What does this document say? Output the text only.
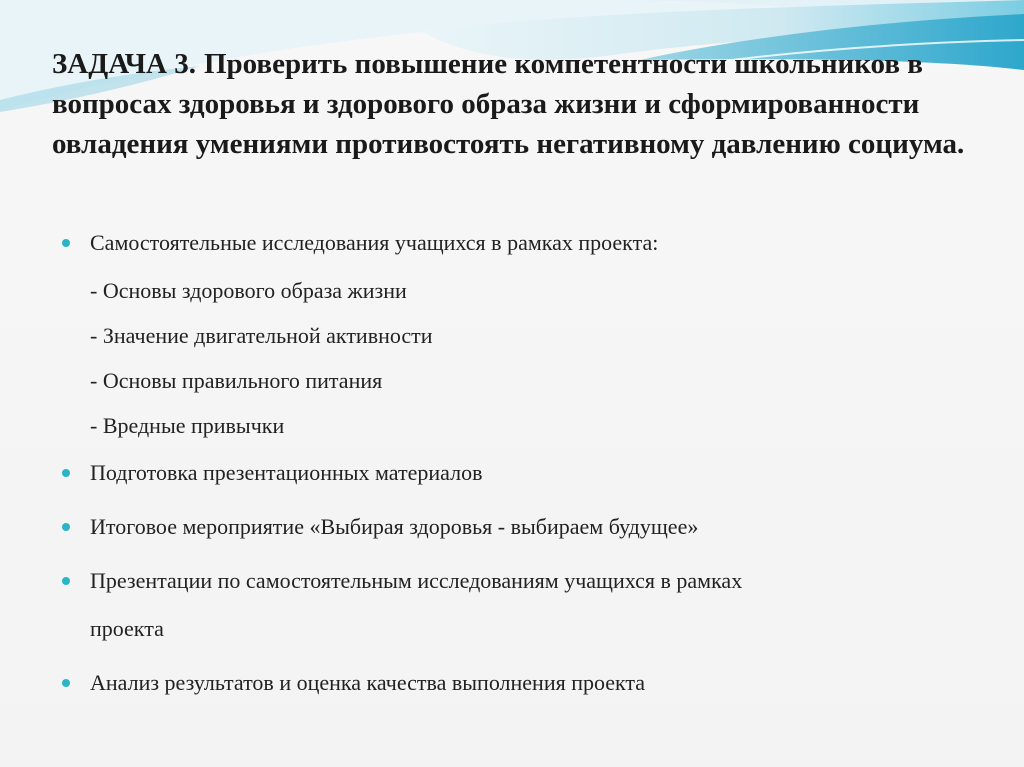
ЗАДАЧА 3. Проверить повышение компетентности школьников в вопросах здоровья и здорового образа жизни и сформированности овладения умениями противостоять негативному давлению социума.
Самостоятельные исследования учащихся в рамках проекта:
- Основы здорового образа жизни
- Значение двигательной активности
- Основы правильного питания
- Вредные привычки
Подготовка презентационных материалов
Итоговое мероприятие «Выбирая здоровья - выбираем будущее»
Презентации по самостоятельным исследованиям учащихся в рамках
проекта
Анализ результатов и оценка качества выполнения проекта
